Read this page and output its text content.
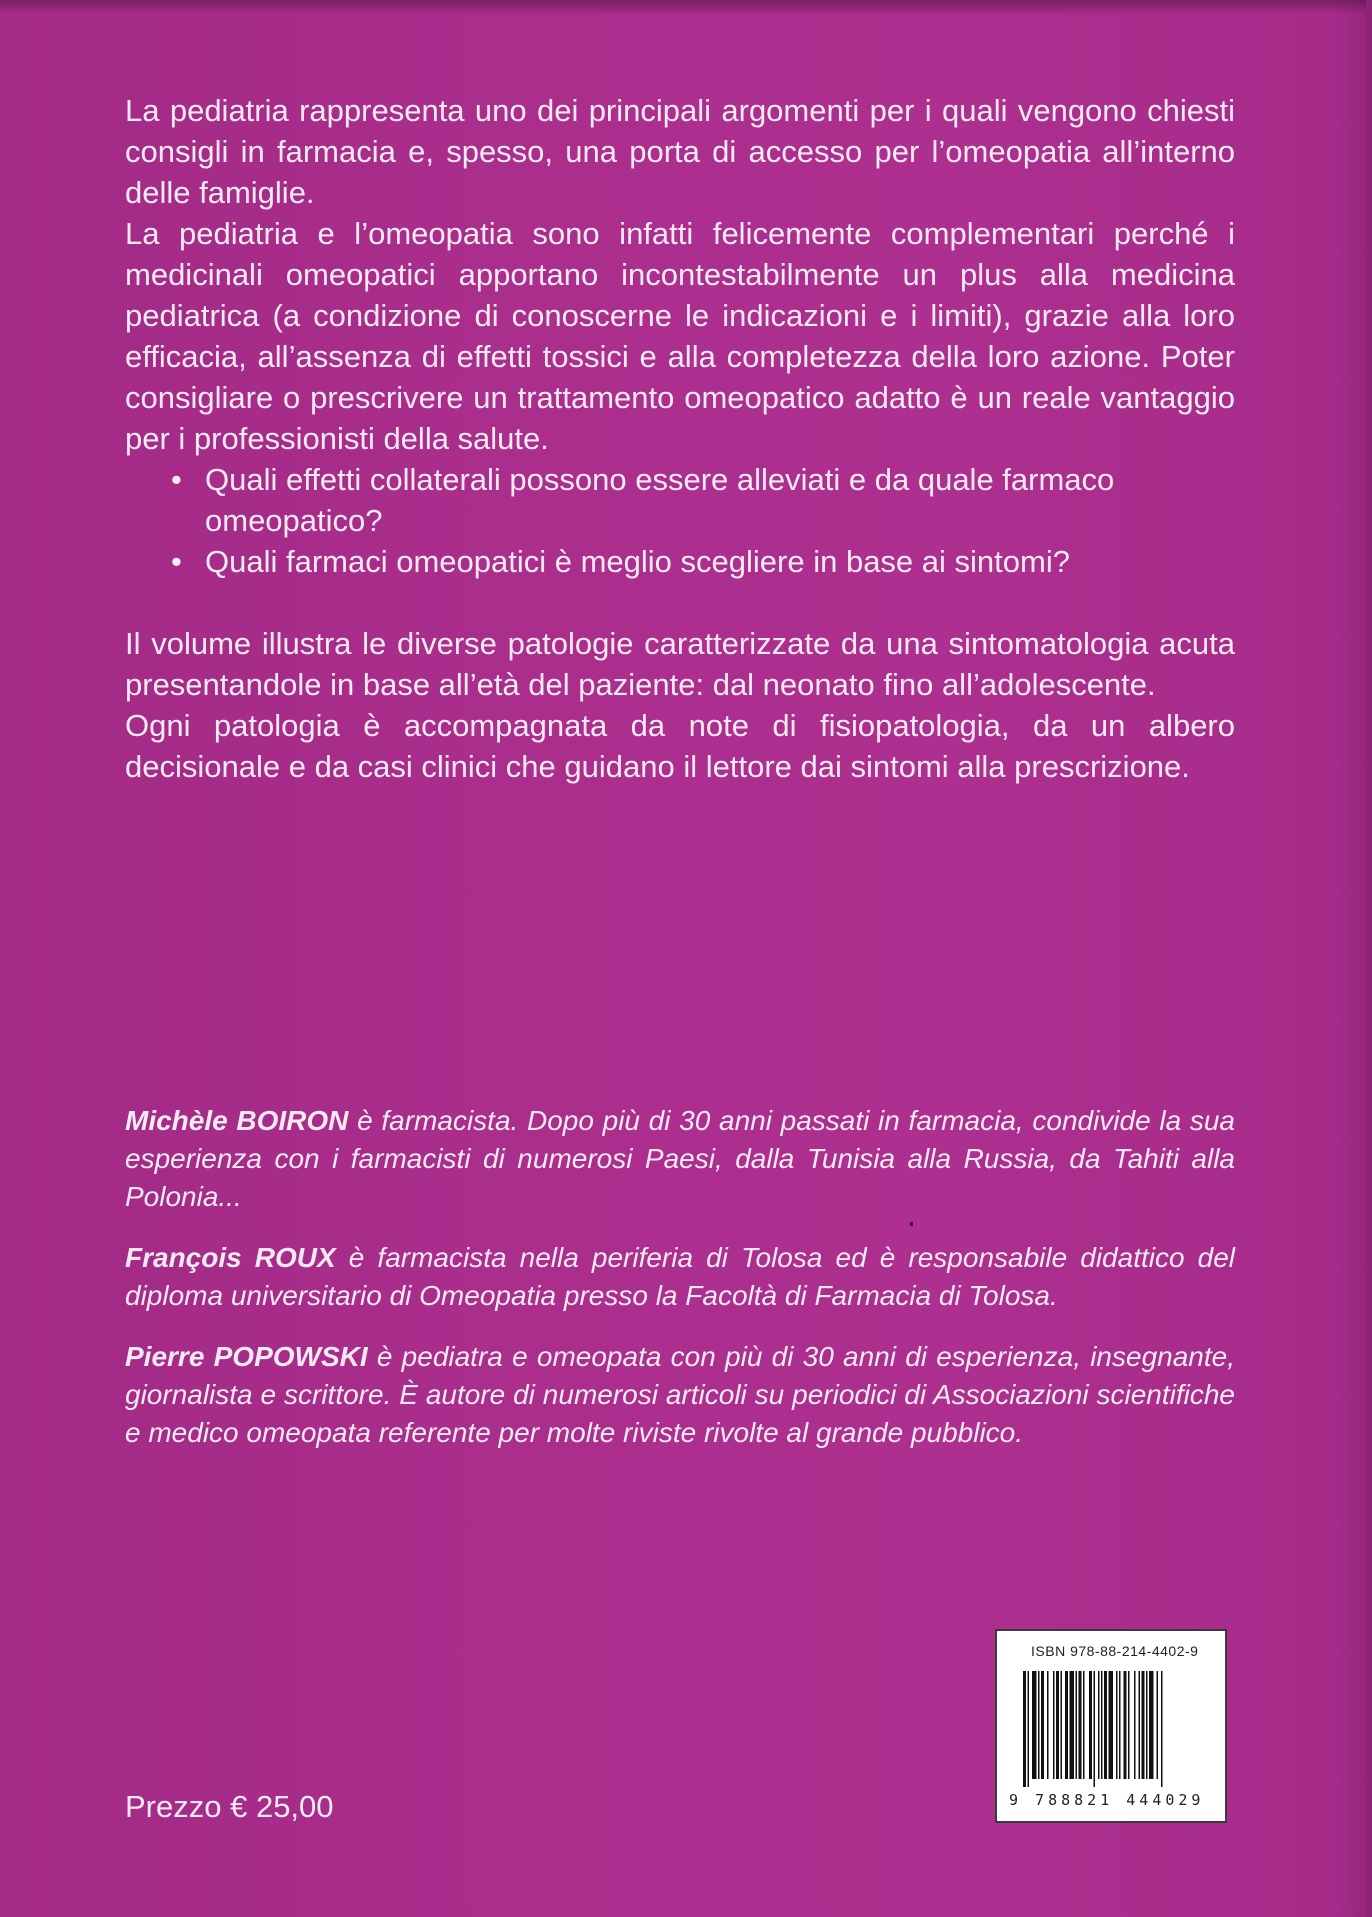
La pediatria rappresenta uno dei principali argomenti per i quali vengono chiesti consigli in farmacia e, spesso, una porta di accesso per l’omeopatia all’interno delle famiglie.

La pediatria e l’omeopatia sono infatti felicemente complementari perché i medicinali omeopatici apportano incontestabilmente un plus alla medicina pediatrica (a condizione di conoscerne le indicazioni e i limiti), grazie alla loro efficacia, all’assenza di effetti tossici e alla completezza della loro azione. Poter consigliare o prescrivere un trattamento omeopatico adatto è un reale vantaggio per i professionisti della salute.

• Quali effetti collaterali possono essere alleviati e da quale farmaco omeopatico?
• Quali farmaci omeopatici è meglio scegliere in base ai sintomi?

Il volume illustra le diverse patologie caratterizzate da una sintomatologia acuta presentandole in base all’età del paziente: dal neonato fino all’adolescente.

Ogni patologia è accompagnata da note di fisiopatologia, da un albero decisionale e da casi clinici che guidano il lettore dai sintomi alla prescrizione.

Michèle BOIRON è farmacista. Dopo più di 30 anni passati in farmacia, condivide la sua esperienza con i farmacisti di numerosi Paesi, dalla Tunisia alla Russia, da Tahiti alla Polonia...

François ROUX è farmacista nella periferia di Tolosa ed è responsabile didattico del diploma universitario di Omeopatia presso la Facoltà di Farmacia di Tolosa.

Pierre POPOWSKI è pediatra e omeopata con più di 30 anni di esperienza, insegnante, giornalista e scrittore. È autore di numerosi articoli su periodici di Associazioni scientifiche e medico omeopata referente per molte riviste rivolte al grande pubblico.

Prezzo € 25,00
ISBN 978-88-214-4402-9
9 788821 444029
